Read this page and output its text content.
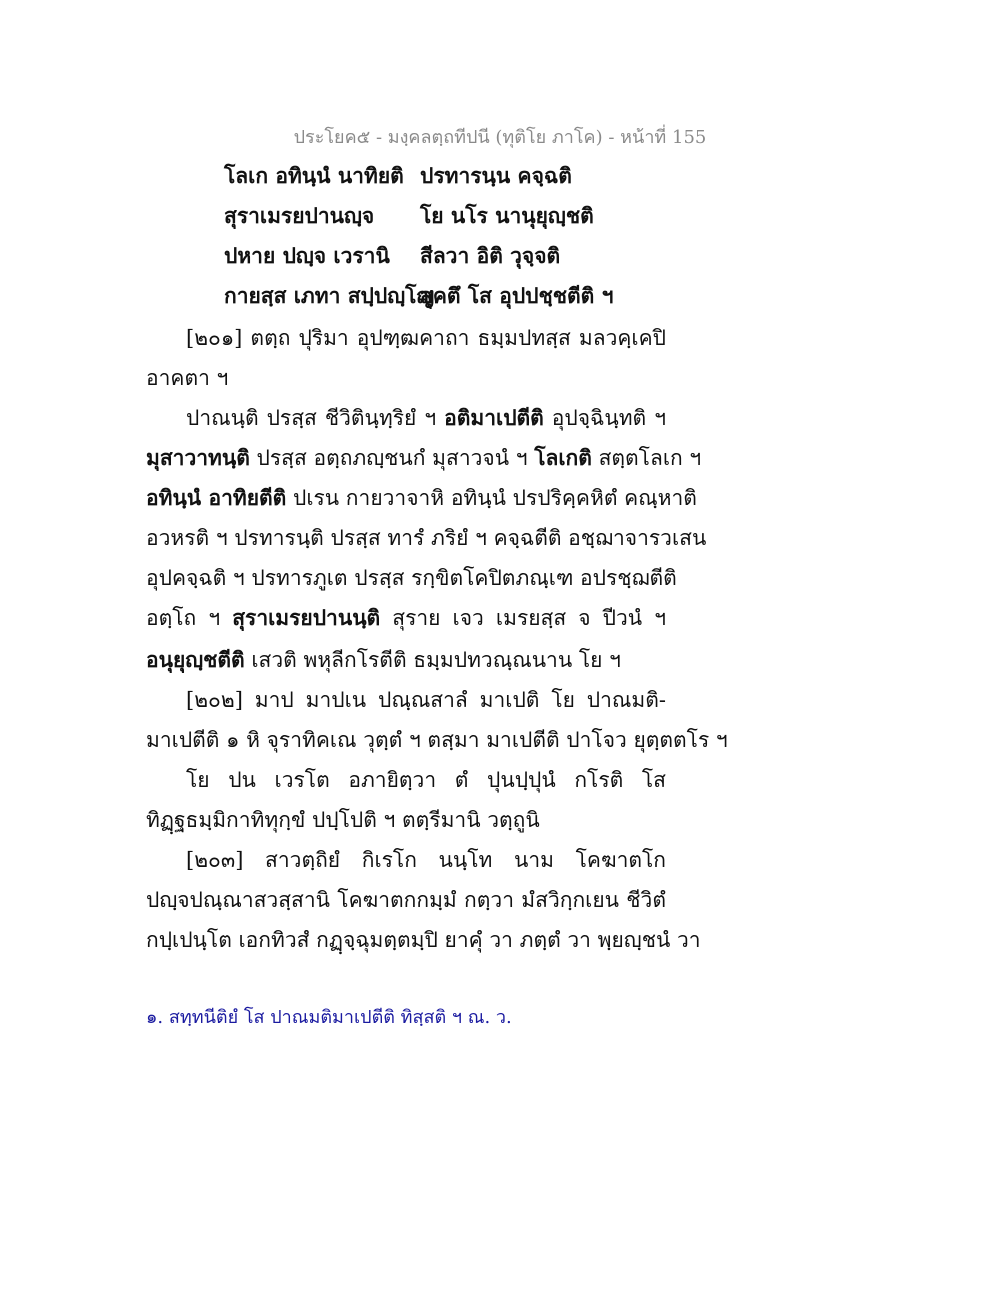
ประโยค๕ - มงฺคลตฺถทีปนี (ทุติโย ภาโค) - หน้าที่ 155
โลเก อทินฺนํ นาทิยติ ปรทารนฺน คจฺฉติ
สุราเมรยปานญฺจ โย นโร นานุยุญฺชติ
ปหาย ปญฺจ เวรานิ สีลวา อิติ วุจฺจติ
กายสฺส เภทา สปฺปญฺโญสุคตึ โส อุปปชฺชตีติ ฯ
[๒๐๑] ตตฺถ ปุริมา อุปฑฺฒคาถา ธมฺมปทสฺส มลวคฺเคปิ
อาคตา ฯ
ปาณนฺติ ปรสฺส ชีวิตินฺทฺริยํ ฯ อติมาเปตีติ อุปจฺฉินฺทติ ฯ
มุสาวาทนฺติ ปรสฺส อตฺถภญฺชนกํ มุสาวจนํ ฯ โลเกติ สตฺตโลเก ฯ
อทินฺนํ อาทิยตีติ ปเรน กายวาจาหิ อทินฺนํ ปรปริคฺคหิตํ คณฺหาติ
อวหรติ ฯ ปรทารนฺติ ปรสฺส ทารํ ภริยํ ฯ คจฺฉตีติ อชฺฌาจารวเสน
อุปคจฺฉติ ฯ ปรทารภูเต ปรสฺส รกฺขิตโคปิตภณฺเฑ อปรชฺฌตีติ
อตฺโถ ฯ สุราเมรยปานนฺติ สุราย เจว เมรยสฺส จ ปีวนํ ฯ
อนุยุญฺชตีติ เสวติ พหุลีกโรตีติ ธมฺมปทวณฺณนาน โย ฯ
[๒๐๒] มาป มาปเน ปณฺณสาลํ มาเปติ โย ปาณมติ-
มาเปตีติ ๑ หิ จุราทิคเณ วุตฺตํ ฯ ตสฺมา มาเปตีติ ปาโจว ยุตฺตตโร ฯ
โย ปน เวรโต อภายิตฺวา ตํ ปุนปฺปุนํ กโรติ โส
ทิฏฺฐธมฺมิกาทิทุกฺขํ ปปฺโปติ ฯ ตตฺรีมานิ วตฺถูนิ
[๒๐๓] สาวตฺถิยํ กิเรโก นนฺโท นาม โคฆาตโก
ปญฺจปณฺณาสวสฺสานิ โคฆาตกกมฺมํ กตฺวา มํสวิกฺกเยน ชีวิตํ
กปฺเปนฺโต เอกทิวสํ กฏฺจฺฉุมตฺตมฺปิ ยาคุํ วา ภตฺตํ วา พฺยญฺชนํ วา
๑. สทฺทนีติยํ โส ปาณมติมาเปตีติ ทิสฺสติ ฯ ณ. ว.
